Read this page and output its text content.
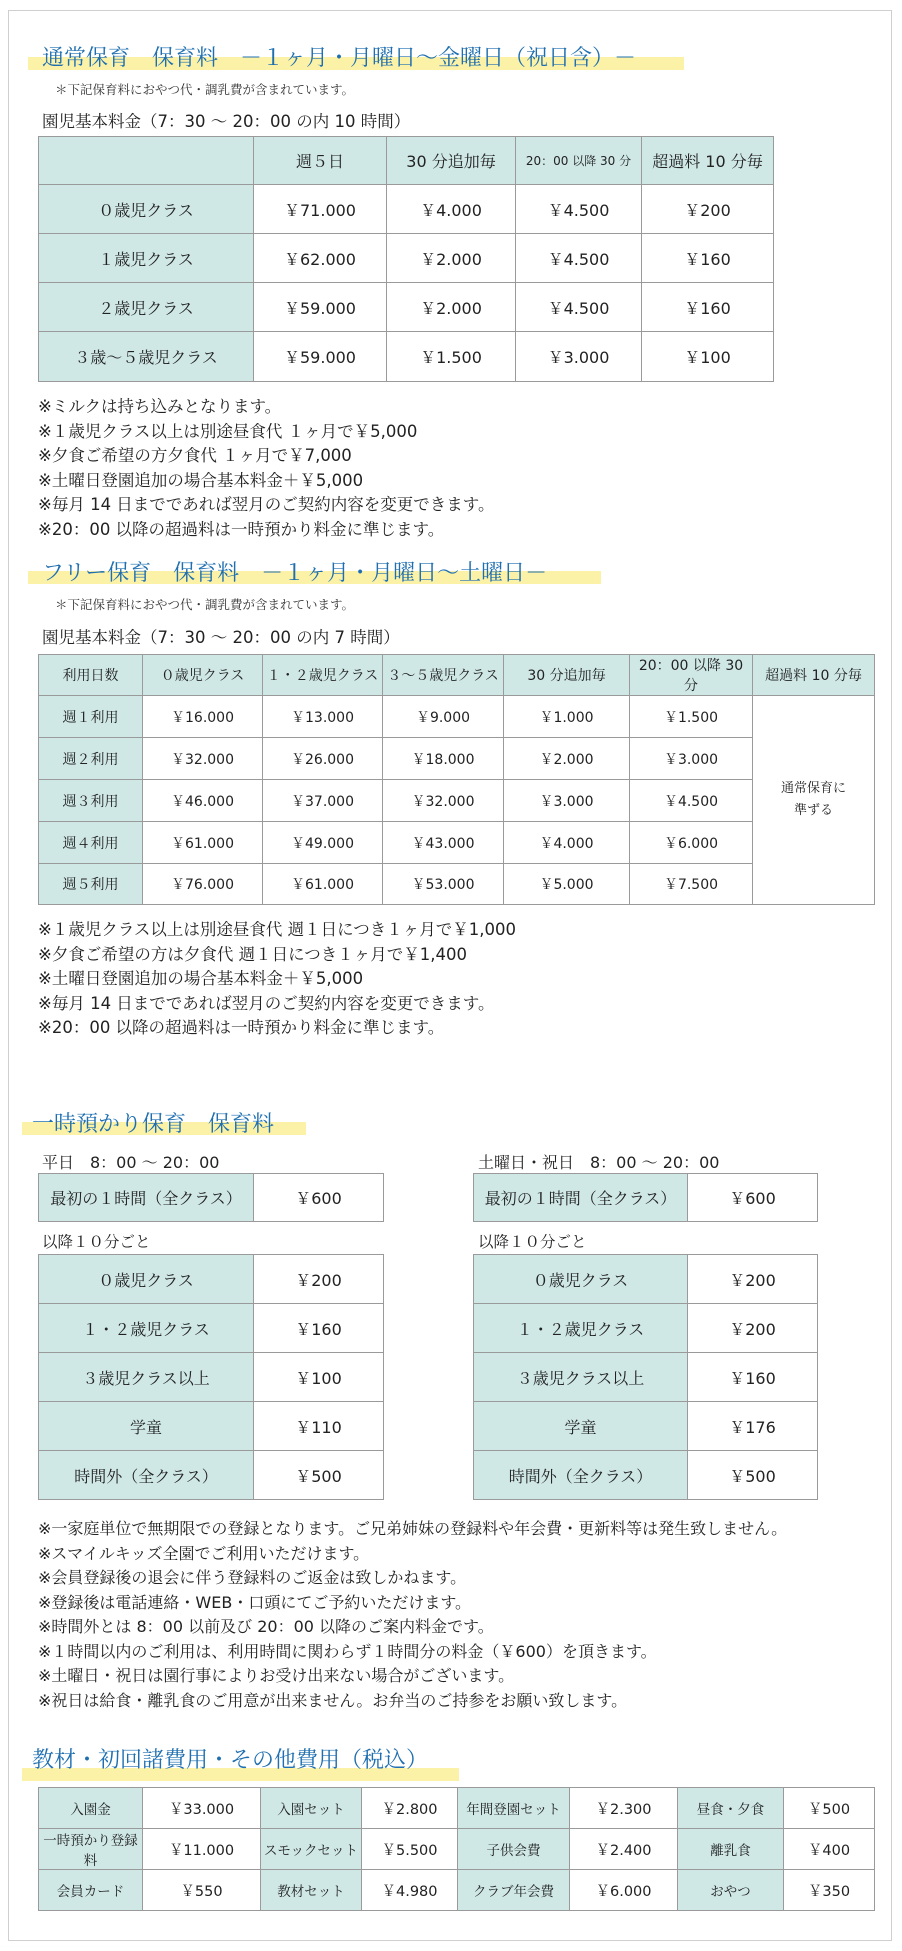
通常保育　保育料　－１ヶ月・月曜日～金曜日（祝日含）－
＊下記保育料におやつ代・調乳費が含まれています。
園児基本料金（7：30 ～ 20：00 の内 10 時間）
	週５日	30 分追加毎	20：00 以降 30 分	超過料 10 分毎
０歳児クラス	￥71.000	￥4.000	￥4.500	￥200
１歳児クラス	￥62.000	￥2.000	￥4.500	￥160
２歳児クラス	￥59.000	￥2.000	￥4.500	￥160
３歳～５歳児クラス	￥59.000	￥1.500	￥3.000	￥100
※ミルクは持ち込みとなります。
※１歳児クラス以上は別途昼食代 １ヶ月で￥5,000
※夕食ご希望の方夕食代 １ヶ月で￥7,000
※土曜日登園追加の場合基本料金＋￥5,000
※毎月 14 日までであれば翌月のご契約内容を変更できます。
※20：00 以降の超過料は一時預かり料金に準じます。
フリー保育　保育料　－１ヶ月・月曜日～土曜日－
＊下記保育料におやつ代・調乳費が含まれています。
園児基本料金（7：30 ～ 20：00 の内 7 時間）
利用日数	０歳児クラス	１・２歳児クラス	３～５歳児クラス	30 分追加毎	20：00 以降 30 分	超過料 10 分毎
週１利用	￥16.000	￥13.000	￥9.000	￥1.000	￥1.500	通常保育に
準ずる

週２利用	￥32.000	￥26.000	￥18.000	￥2.000	￥3.000	
週３利用	￥46.000	￥37.000	￥32.000	￥3.000	￥4.500	
週４利用	￥61.000	￥49.000	￥43.000	￥4.000	￥6.000	
週５利用	￥76.000	￥61.000	￥53.000	￥5.000	￥7.500	
※１歳児クラス以上は別途昼食代 週１日につき１ヶ月で￥1,000
※夕食ご希望の方は夕食代 週１日につき１ヶ月で￥1,400
※土曜日登園追加の場合基本料金＋￥5,000
※毎月 14 日までであれば翌月のご契約内容を変更できます。
※20：00 以降の超過料は一時預かり料金に準じます。
一時預かり保育　保育料
平日　8：00 ～ 20：00
最初の１時間（全クラス）	￥600
以降１０分ごと
０歳児クラス	￥200
１・２歳児クラス	￥160
３歳児クラス以上	￥100
学童	￥110
時間外（全クラス）	￥500
土曜日・祝日　8：00 ～ 20：00
最初の１時間（全クラス）	￥600
以降１０分ごと
０歳児クラス	￥200
１・２歳児クラス	￥200
３歳児クラス以上	￥160
学童	￥176
時間外（全クラス）	￥500
※一家庭単位で無期限での登録となります。ご兄弟姉妹の登録料や年会費・更新料等は発生致しません。
※スマイルキッズ全園でご利用いただけます。
※会員登録後の退会に伴う登録料のご返金は致しかねます。
※登録後は電話連絡・WEB・口頭にてご予約いただけます。
※時間外とは 8：00 以前及び 20：00 以降のご案内料金です。
※１時間以内のご利用は、利用時間に関わらず１時間分の料金（￥600）を頂きます。
※土曜日・祝日は園行事によりお受け出来ない場合がございます。
※祝日は給食・離乳食のご用意が出来ません。お弁当のご持参をお願い致します。
教材・初回諸費用・その他費用（税込）
入園金	￥33.000	入園セット	￥2.800	年間登園セット	￥2.300	昼食・夕食	￥500
一時預かり登録料	￥11.000	スモックセット	￥5.500	子供会費	￥2.400	離乳食	￥400
会員カード	￥550	教材セット	￥4.980	クラブ年会費	￥6.000	おやつ	￥350
